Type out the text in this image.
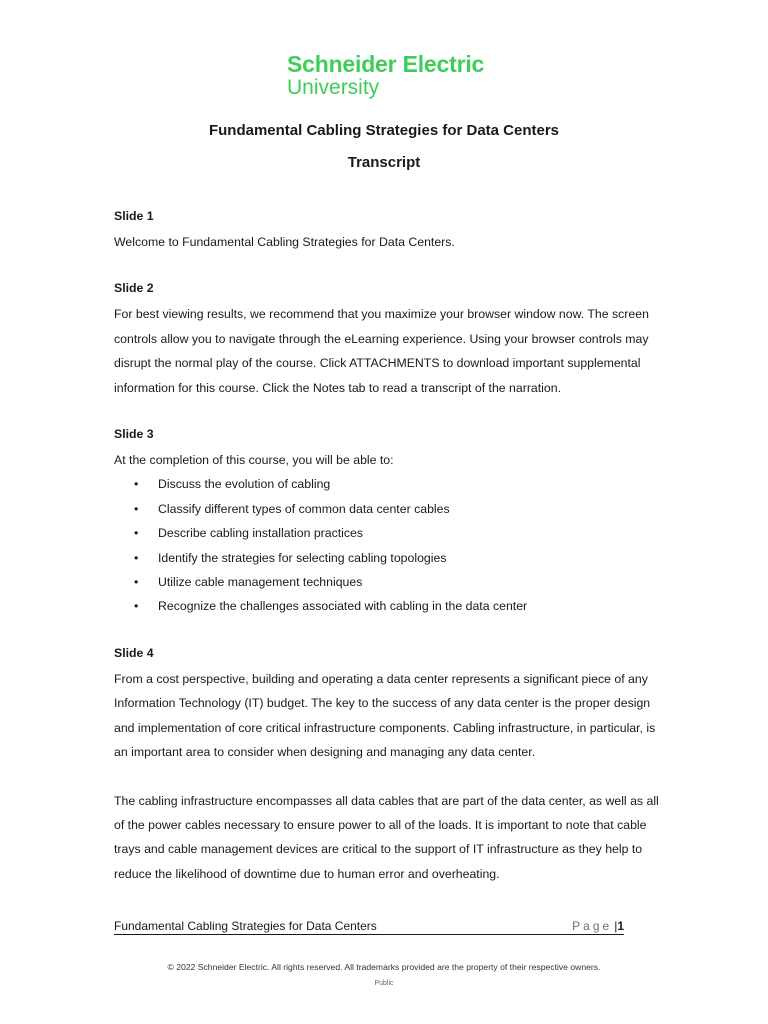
Schneider Electric
University
Fundamental Cabling Strategies for Data Centers
Transcript
Slide 1
Welcome to Fundamental Cabling Strategies for Data Centers.
Slide 2
For best viewing results, we recommend that you maximize your browser window now. The screen controls allow you to navigate through the eLearning experience. Using your browser controls may disrupt the normal play of the course. Click ATTACHMENTS to download important supplemental information for this course. Click the Notes tab to read a transcript of the narration.
Slide 3
At the completion of this course, you will be able to:
• Discuss the evolution of cabling
• Classify different types of common data center cables
• Describe cabling installation practices
• Identify the strategies for selecting cabling topologies
• Utilize cable management techniques
• Recognize the challenges associated with cabling in the data center
Slide 4
From a cost perspective, building and operating a data center represents a significant piece of any Information Technology (IT) budget. The key to the success of any data center is the proper design and implementation of core critical infrastructure components. Cabling infrastructure, in particular, is an important area to consider when designing and managing any data center.
The cabling infrastructure encompasses all data cables that are part of the data center, as well as all of the power cables necessary to ensure power to all of the loads. It is important to note that cable trays and cable management devices are critical to the support of IT infrastructure as they help to reduce the likelihood of downtime due to human error and overheating.
Fundamental Cabling Strategies for Data Centers	Page |1
© 2022 Schneider Electric. All rights reserved. All trademarks provided are the property of their respective owners.
Public
